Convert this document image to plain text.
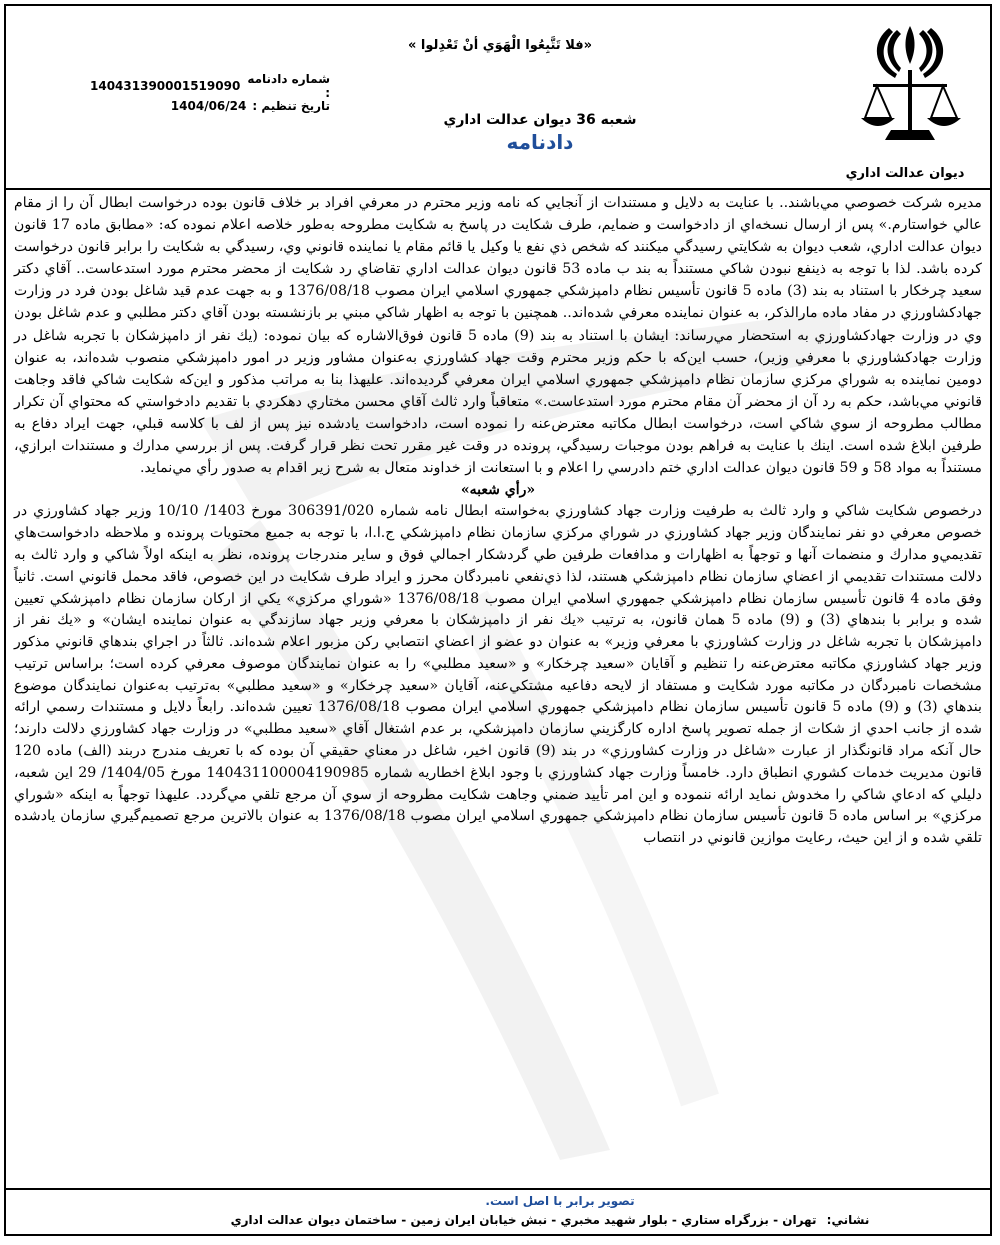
«فلا تَتَّبِعُوا الْهَوَي أنْ تَعْدِلوا »
ديوان عدالت اداري
شماره دادنامه :
140431390001519090
تاريخ تنظيم :
1404/06/24
شعبه 36 ديوان عدالت اداري
دادنامه

مديره شركت خصوصي مي‌باشند.. با عنايت به دلايل و مستندات از آنجايي كه نامه وزير محترم در معرفي افراد بر خلاف قانون بوده درخواست ابطال آن را از مقام عالي خواستارم.» پس از ارسال نسخه‌اي از دادخواست و ضمايم، طرف شكايت در پاسخ به شكايت مطروحه به‌طور خلاصه اعلام نموده كه: «مطابق ماده 17 قانون ديوان عدالت اداري، شعب ديوان به شكايتي رسيدگي ميكنند كه شخص ذي نفع يا وكيل يا قائم مقام يا نماينده قانوني وي، رسيدگي به شكايت را برابر قانون درخواست كرده باشد. لذا با توجه به ذينفع نبودن شاكي مستنداً به بند ب ماده 53 قانون ديوان عدالت اداري تقاضاي رد شكايت از محضر محترم مورد استدعاست.. آقاي دكتر سعيد چرخكار با استناد به بند (3) ماده 5 قانون تأسيس نظام دامپزشكي جمهوري اسلامي ايران مصوب 1376/08/18 و به جهت عدم قيد شاغل بودن فرد در وزارت جهادكشاورزي در مفاد ماده مارالذكر، به عنوان نماينده معرفي شده‌اند.. همچنين با توجه به اظهار شاكي مبني بر بازنشسته بودن آقاي دكتر مطلبي و عدم شاغل بودن وي در وزارت جهادكشاورزي به استحضار مي‌رساند: ايشان با استناد به بند (9) ماده 5 قانون فوق‌الاشاره كه بيان نموده: (يك نفر از دامپزشكان با تجربه شاغل در وزارت جهادكشاورزي با معرفي وزير)، حسب اين‌كه با حكم وزير محترم وقت جهاد كشاورزي به‌عنوان مشاور وزير در امور دامپزشكي منصوب شده‌اند، به عنوان دومين نماينده به شوراي مركزي سازمان نظام دامپزشكي جمهوري اسلامي ايران معرفي گرديده‌اند. عليهذا بنا به مراتب مذكور و اين‌كه شكايت شاكي فاقد وجاهت قانوني مي‌باشد، حكم به رد آن از محضر آن مقام محترم مورد استدعاست.» متعاقباً وارد ثالث آقاي محسن مختاري دهكردي با تقديم دادخواستي كه محتواي آن تكرار مطالب مطروحه از سوي شاكي است، درخواست ابطال مكاتبه معترض‌عنه را نموده است، دادخواست يادشده نيز پس از لف با كلاسه قبلي، جهت ايراد دفاع به طرفين ابلاغ شده است. اينك با عنايت به فراهم بودن موجبات رسيدگي، پرونده در وقت غير مقرر تحت نظر قرار گرفت. پس از بررسي مدارك و مستندات ابرازي، مستنداً به مواد 58 و 59 قانون ديوان عدالت اداري ختم دادرسي را اعلام و با استعانت از خداوند متعال به شرح زير اقدام به صدور رأي مي‌نمايد.

«رأي شعبه»

درخصوص شكايت شاكي و وارد ثالث به طرفيت وزارت جهاد كشاورزي به‌خواسته ابطال نامه شماره 306391/020 مورخ 1403/ 10/10 وزير جهاد كشاورزي در خصوص معرفي دو نفر نمايندگان وزير جهاد كشاورزي در شوراي مركزي سازمان نظام دامپزشكي ج.ا.ا، با توجه به جميع محتويات پرونده و ملاحظه دادخواست‌هاي تقديمي‌و مدارك و منضمات آنها و توجهاً به اظهارات و مدافعات طرفين طي گردشكار اجمالي فوق و ساير مندرجات پرونده، نظر به اينكه اولاً شاكي و وارد ثالث به دلالت مستندات تقديمي از اعضاي سازمان نظام دامپزشكي هستند، لذا ذي‌نفعي نامبردگان محرز و ايراد طرف شكايت در اين خصوص، فاقد محمل قانوني است. ثانياً وفق ماده 4 قانون تأسيس سازمان نظام دامپزشكي جمهوري اسلامي ايران مصوب 1376/08/18 «شوراي مركزي» يكي از اركان سازمان نظام دامپزشكي تعيين شده و برابر با بندهاي (3) و (9) ماده 5 همان قانون، به ترتيب «يك نفر از دامپزشكان با معرفي وزير جهاد سازندگي به عنوان نماينده ايشان» و «يك نفر از دامپزشكان با تجربه شاغل در وزارت كشاورزي با معرفي وزير» به عنوان دو عضو از اعضاي انتصابي ركن مزبور اعلام شده‌اند. ثالثاً در اجراي بندهاي قانوني مذكور وزير جهاد كشاورزي مكاتبه معترض‌عنه را تنظيم و آقايان «سعيد چرخكار» و «سعيد مطلبي» را به عنوان نمايندگان موصوف معرفي كرده است؛ براساس ترتيب مشخصات نامبردگان در مكاتبه مورد شكايت و مستفاد از لايحه دفاعيه مشتكي‌عنه، آقايان «سعيد چرخكار» و «سعيد مطلبي» به‌ترتيب به‌عنوان نمايندگان موضوع بندهاي (3) و (9) ماده 5 قانون تأسيس سازمان نظام دامپزشكي جمهوري اسلامي ايران مصوب 1376/08/18 تعيين شده‌اند. رابعاً دلايل و مستندات رسمي ارائه شده از جانب احدي از شكات از جمله تصوير پاسخ اداره كارگزيني سازمان دامپزشكي، بر عدم اشتغال آقاي «سعيد مطلبي» در وزارت جهاد كشاورزي دلالت دارند؛ حال آنكه مراد قانونگذار از عبارت «شاغل در وزارت كشاورزي» در بند (9) قانون اخير، شاغل در معناي حقيقي آن بوده كه با تعريف مندرج دربند (الف) ماده 120 قانون مديريت خدمات كشوري انطباق دارد. خامساً وزارت جهاد كشاورزي با وجود ابلاغ اخطاريه شماره 140431100004190985 مورخ 1404/05/ 29 اين شعبه، دليلي كه ادعاي شاكي را مخدوش نمايد ارائه ننموده و اين امر تأييد ضمني وجاهت شكايت مطروحه از سوي آن مرجع تلقي مي‌گردد. عليهذا توجهاً به اينكه «شوراي مركزي» بر اساس ماده 5 قانون تأسيس سازمان نظام دامپزشكي جمهوري اسلامي ايران مصوب 1376/08/18 به عنوان بالاترين مرجع تصميم‌گيري سازمان يادشده تلقي شده و از اين حيث، رعايت موازين قانوني در انتصاب

تصوير برابر با اصل است.
نشاني: تهران - بزرگراه ستاري - بلوار شهيد مخبري - نبش خيابان ايران زمين - ساختمان ديوان عدالت اداري
